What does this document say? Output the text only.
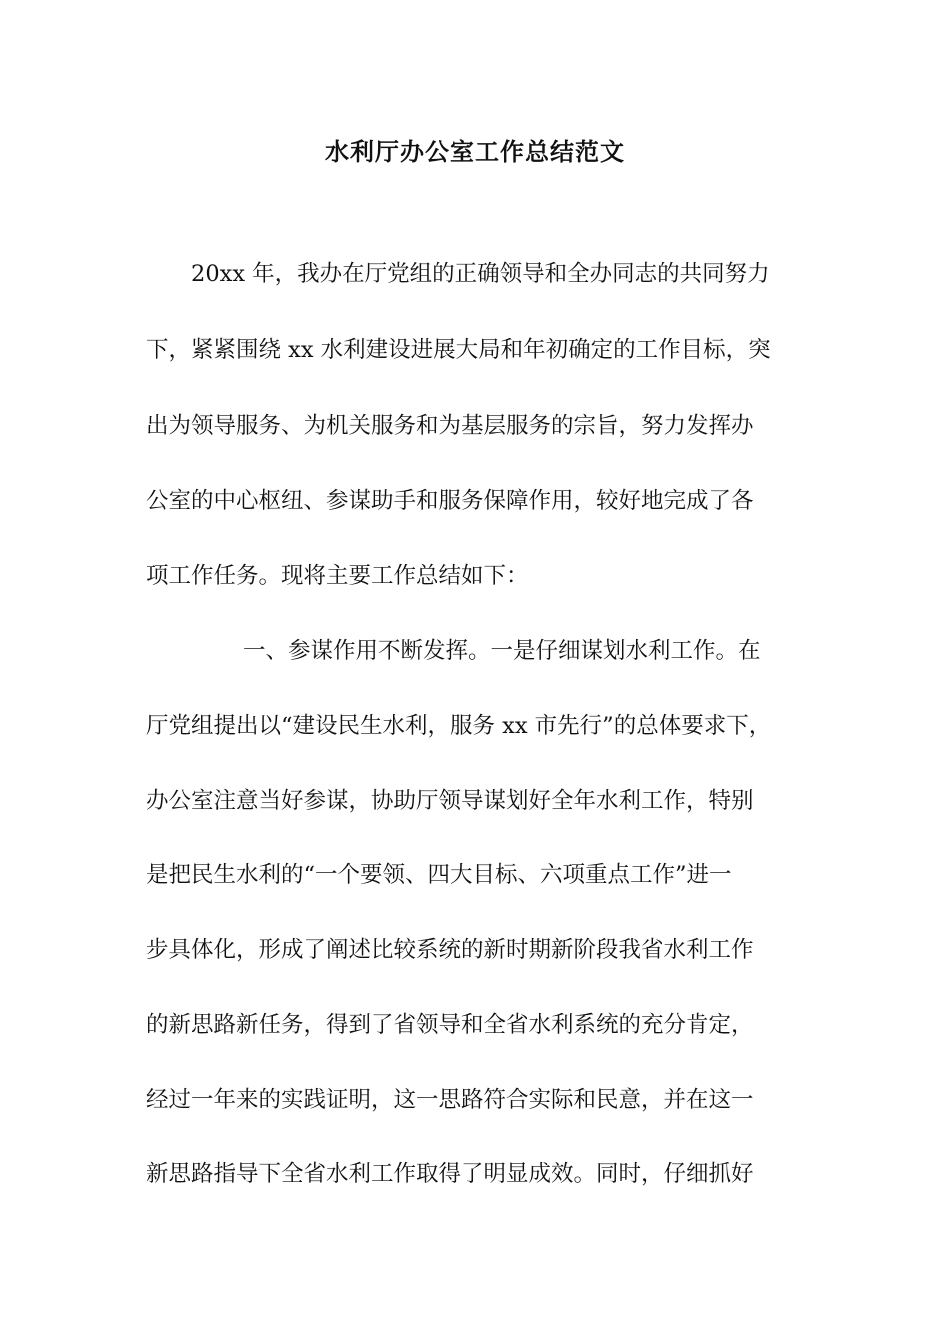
水利厅办公室工作总结范文
20xx 年，我办在厅党组的正确领导和全办同志的共同努力
下，紧紧围绕 xx 水利建设进展大局和年初确定的工作目标，突
出为领导服务、为机关服务和为基层服务的宗旨，努力发挥办
公室的中心枢纽、参谋助手和服务保障作用，较好地完成了各
项工作任务。现将主要工作总结如下：
一、参谋作用不断发挥。一是仔细谋划水利工作。在
厅党组提出以“建设民生水利，服务 xx 市先行”的总体要求下，
办公室注意当好参谋，协助厅领导谋划好全年水利工作，特别
是把民生水利的“一个要领、四大目标、六项重点工作”进一
步具体化，形成了阐述比较系统的新时期新阶段我省水利工作
的新思路新任务，得到了省领导和全省水利系统的充分肯定，
经过一年来的实践证明，这一思路符合实际和民意，并在这一
新思路指导下全省水利工作取得了明显成效。同时，仔细抓好
